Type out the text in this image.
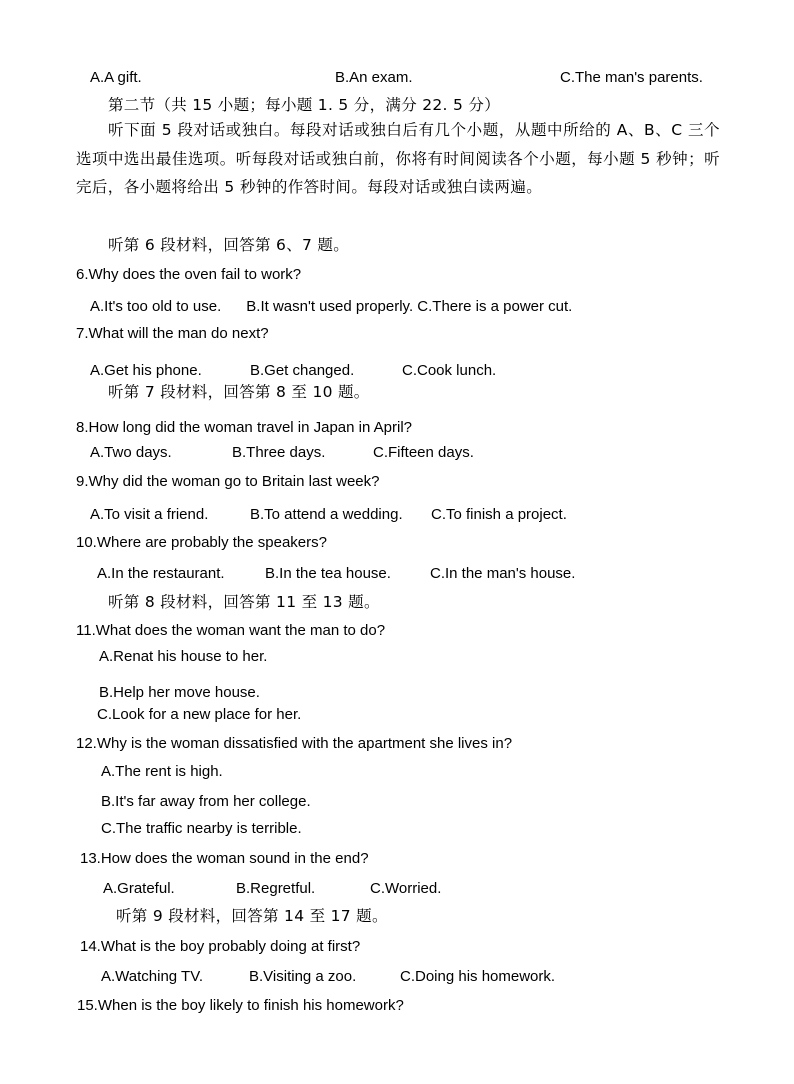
A.A gift.	B.An exam.	C.The man's parents.
第二节（共 15 小题；每小题 1. 5 分，满分 22. 5 分）
听下面 5 段对话或独白。每段对话或独白后有几个小题，从题中所给的 A、B、C 三个选项中选出最佳选项。听每段对话或独白前，你将有时间阅读各个小题，每小题 5 秒钟；听完后，各小题将给出 5 秒钟的作答时间。每段对话或独白读两遍。
听第 6 段材料，回答第 6、7 题。
6.Why does the oven fail to work?
A.It's too old to use.      B.It wasn't used properly. C.There is a power cut.
7.What will the man do next?
A.Get his phone.	B.Get changed.	C.Cook lunch.
听第 7 段材料，回答第 8 至 10 题。
8.How long did the woman travel in Japan in April?
A.Two days.	B.Three days.	C.Fifteen days.
9.Why did the woman go to Britain last week?
A.To visit a friend.	B.To attend a wedding. C.To finish a project.
10.Where are probably the speakers?
A.In the restaurant.	B.In the tea house.	C.In the man's house.
听第 8 段材料，回答第 11 至 13 题。
11.What does the woman want the man to do?
A.Renat his house to her.
B.Help her move house.
C.Look for a new place for her.
12.Why is the woman dissatisfied with the apartment she lives in?
A.The rent is high.
B.It's far away from her college.
C.The traffic nearby is terrible.
13.How does the woman sound in the end?
A.Grateful.	B.Regretful.	C.Worried.
听第 9 段材料，回答第 14 至 17 题。
14.What is the boy probably doing at first?
A.Watching TV.	B.Visiting a zoo.	C.Doing his homework.
15.When is the boy likely to finish his homework?
